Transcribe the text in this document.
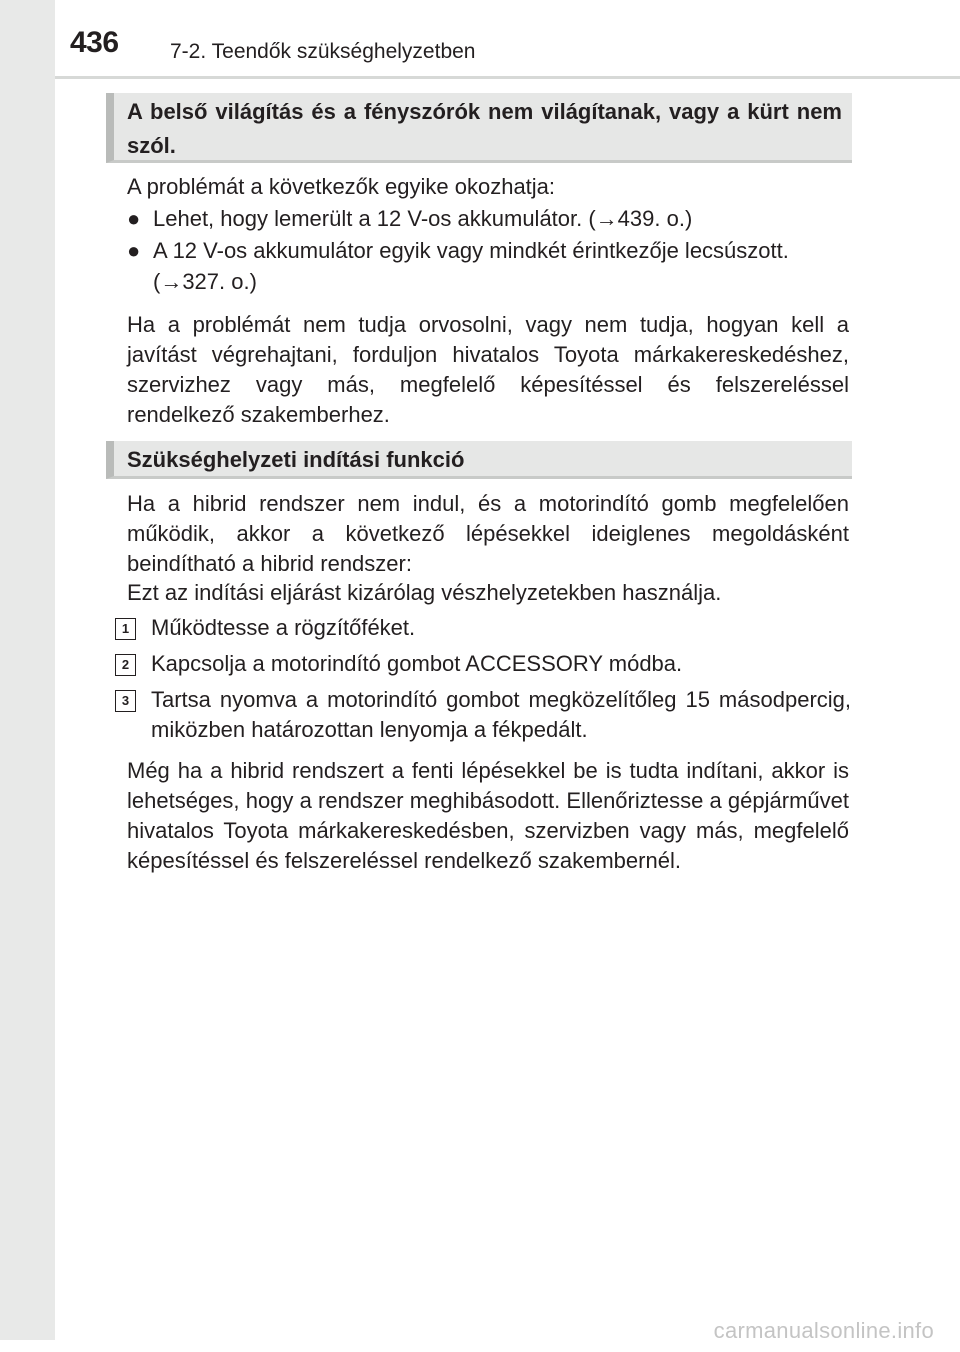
436 7-2. Teendők szükséghelyzetben
A belső világítás és a fényszórók nem világítanak, vagy a kürt nem szól.
A problémát a következők egyike okozhatja:
● Lehet, hogy lemerült a 12 V-os akkumulátor. (→439. o.)
● A 12 V-os akkumulátor egyik vagy mindkét érintkezője lecsúszott.
(→327. o.)
Ha a problémát nem tudja orvosolni, vagy nem tudja, hogyan kell a javítást végrehajtani, forduljon hivatalos Toyota márkakereskedéshez, szervizhez vagy más, megfelelő képesítéssel és felszereléssel rendelkező szakemberhez.
Szükséghelyzeti indítási funkció
Ha a hibrid rendszer nem indul, és a motorindító gomb megfelelően működik, akkor a következő lépésekkel ideiglenes megoldásként beindítható a hibrid rendszer:
Ezt az indítási eljárást kizárólag vészhelyzetekben használja.
1 Működtesse a rögzítőféket.
2 Kapcsolja a motorindító gombot ACCESSORY módba.
3 Tartsa nyomva a motorindító gombot megközelítőleg 15 másodpercig, miközben határozottan lenyomja a fékpedált.
Még ha a hibrid rendszert a fenti lépésekkel be is tudta indítani, akkor is lehetséges, hogy a rendszer meghibásodott. Ellenőriztesse a gépjárművet hivatalos Toyota márkakereskedésben, szervizben vagy más, megfelelő képesítéssel és felszereléssel rendelkező szakembernél.
carmanualsonline.info
